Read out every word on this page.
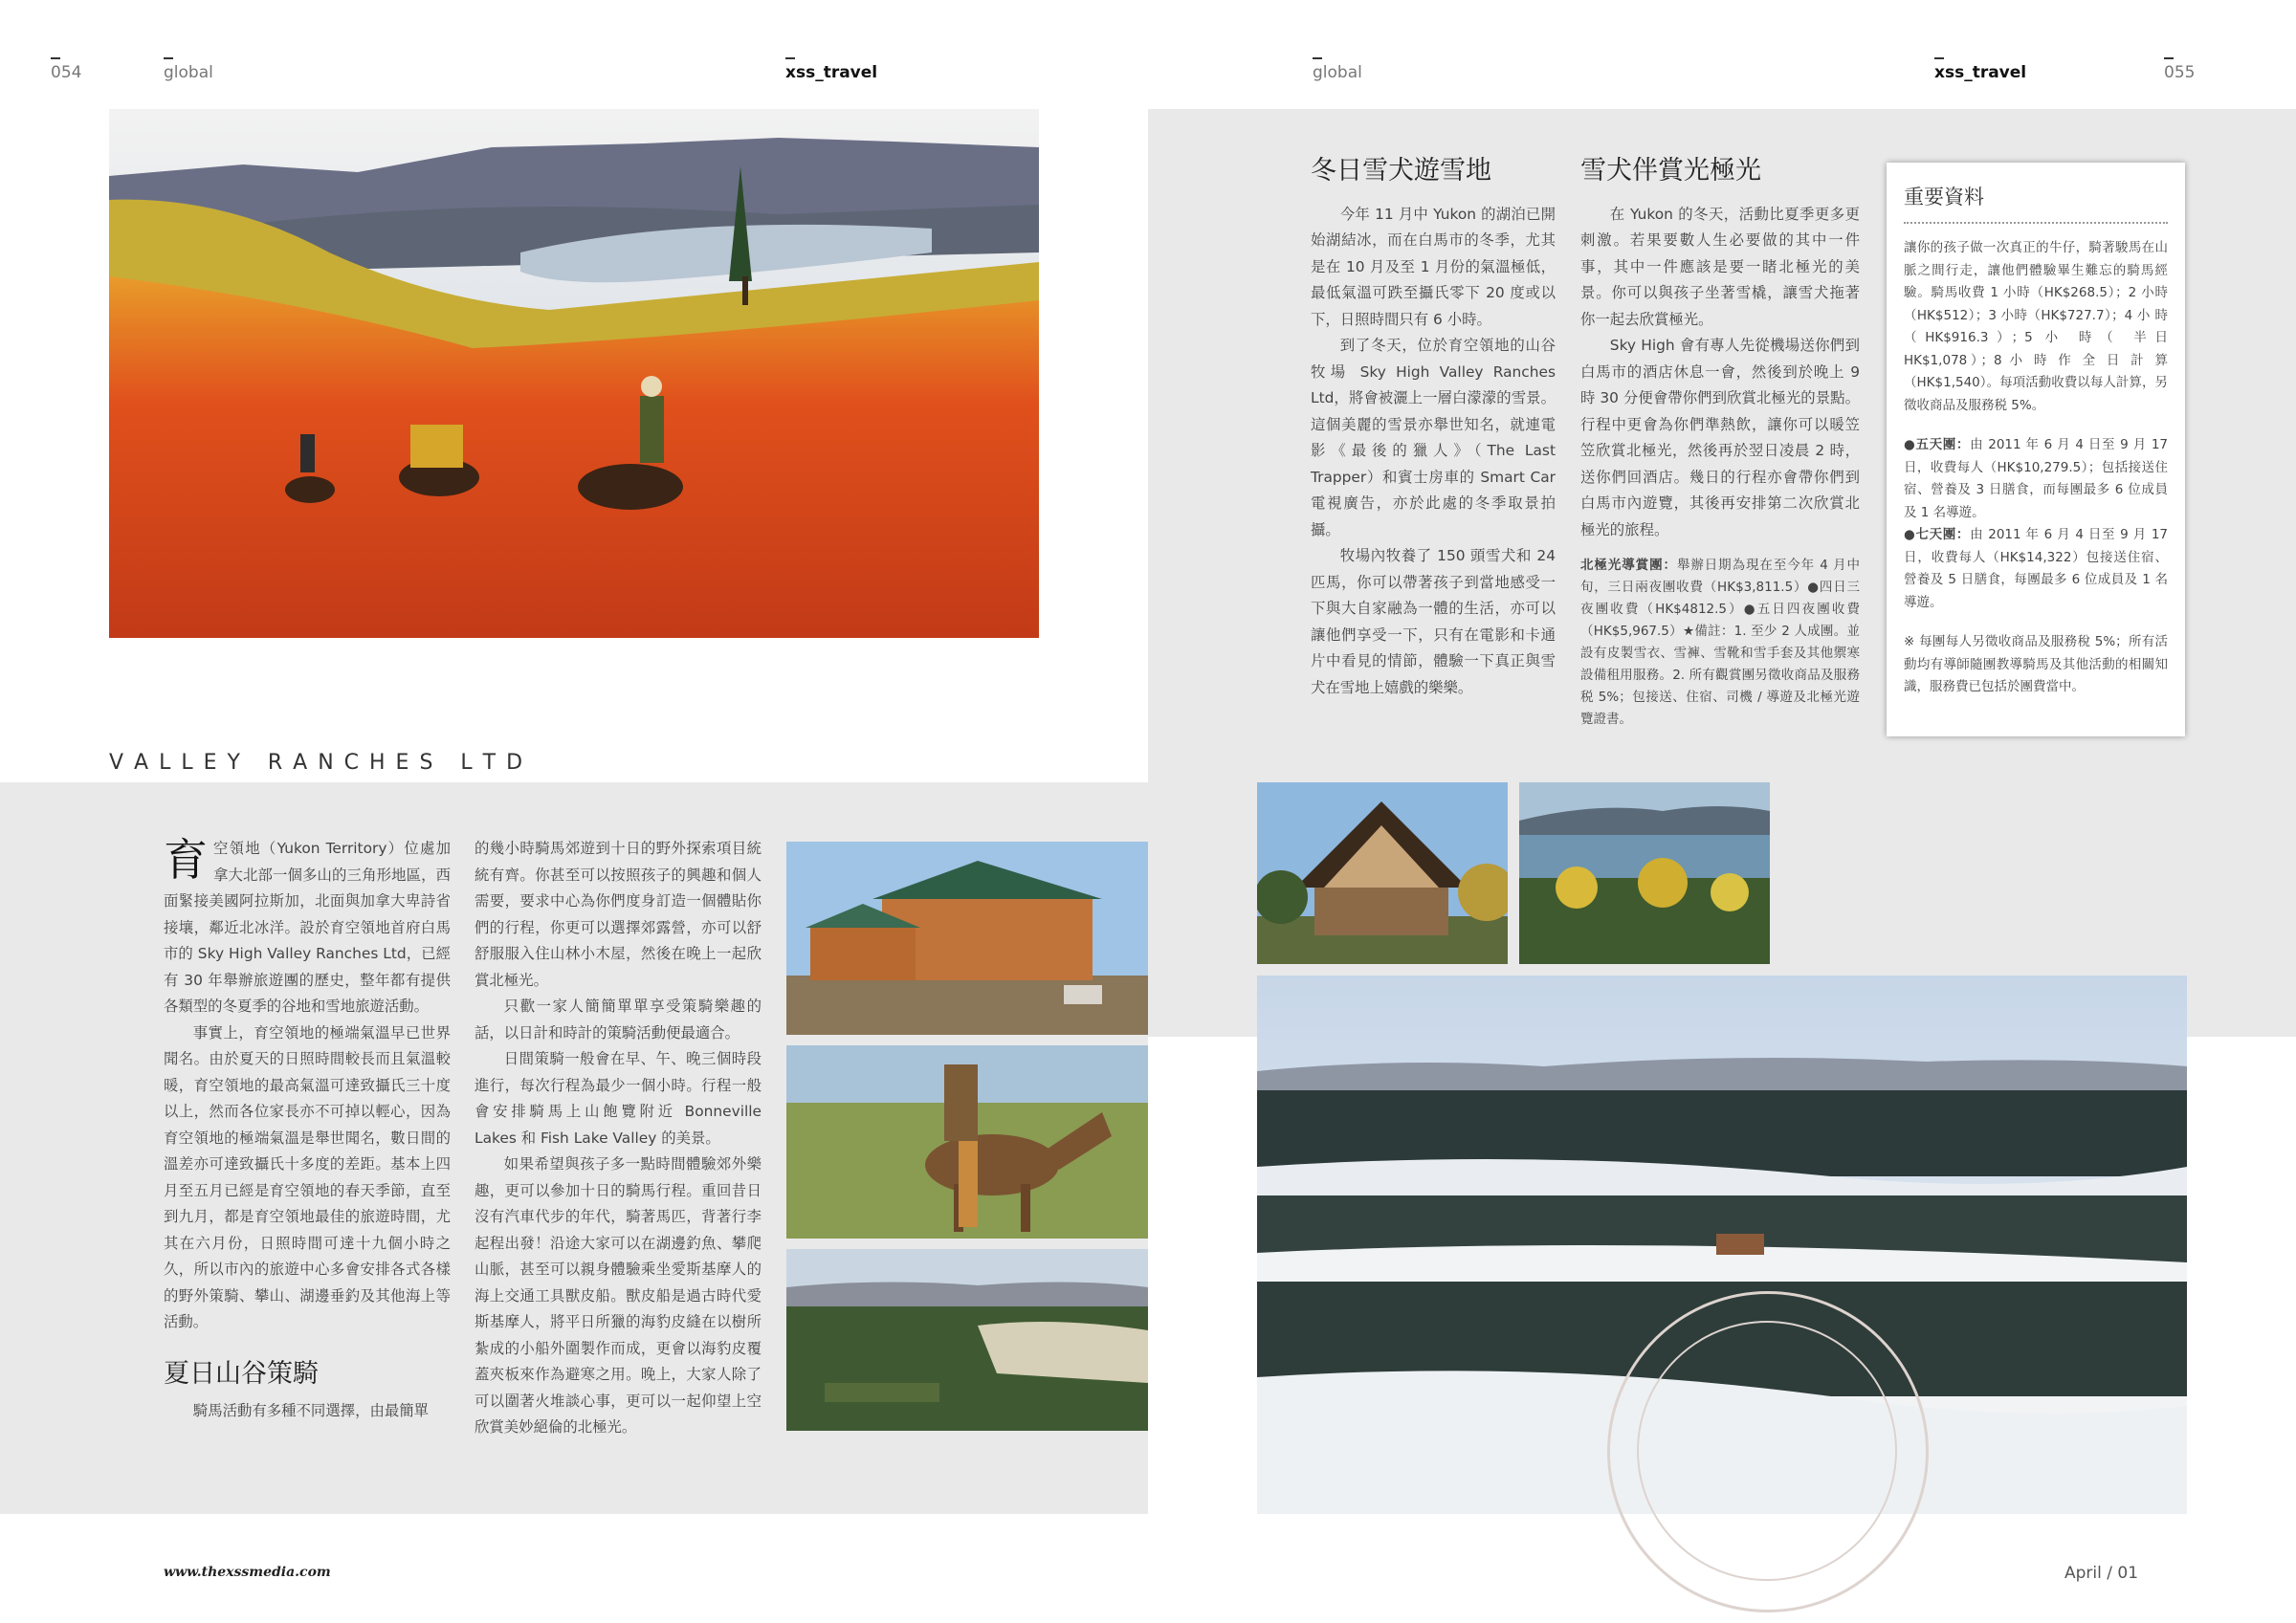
054	global	xss_travel
V A L L E Y   R A N C H E S   L T D

育空領地（Yukon Territory）位處加拿大北部一個多山的三角形地區，西面緊接美國阿拉斯加，北面與加拿大卑詩省接壤，鄰近北冰洋。設於育空領地首府白馬市的 Sky High Valley Ranches Ltd，已經有 30 年舉辦旅遊團的歷史，整年都有提供各類型的冬夏季的谷地和雪地旅遊活動。

事實上，育空領地的極端氣溫早已世界聞名。由於夏天的日照時間較長而且氣溫較暖，育空領地的最高氣溫可達致攝氏三十度以上，然而各位家長亦不可掉以輕心，因為育空領地的極端氣溫是舉世聞名，數日間的溫差亦可達致攝氏十多度的差距。基本上四月至五月已經是育空領地的春天季節，直至到九月，都是育空領地最佳的旅遊時間，尤其在六月份，日照時間可達十九個小時之久，所以市內的旅遊中心多會安排各式各樣的野外策騎、攀山、湖邊垂釣及其他海上等活動。

夏日山谷策騎

騎馬活動有多種不同選擇，由最簡單

的幾小時騎馬郊遊到十日的野外探索項目統統有齊。你甚至可以按照孩子的興趣和個人需要，要求中心為你們度身訂造一個體貼你們的行程，你更可以選擇郊露營，亦可以舒舒服服入住山林小木屋，然後在晚上一起欣賞北極光。

只歡一家人簡簡單單享受策騎樂趣的話，以日計和時計的策騎活動便最適合。

日間策騎一般會在早、午、晚三個時段進行，每次行程為最少一個小時。行程一般會安排騎馬上山飽覽附近 Bonneville Lakes 和 Fish Lake Valley 的美景。

如果希望與孩子多一點時間體驗郊外樂趣，更可以參加十日的騎馬行程。重回昔日沒有汽車代步的年代，騎著馬匹，背著行李起程出發！沿途大家可以在湖邊釣魚、攀爬山脈，甚至可以親身體驗乘坐愛斯基摩人的海上交通工具獸皮船。獸皮船是過古時代愛斯基摩人，將平日所獵的海豹皮縫在以樹所紮成的小船外圍製作而成，更會以海豹皮覆蓋夾板來作為避寒之用。晚上，大家人除了可以圍著火堆談心事，更可以一起仰望上空欣賞美妙絕倫的北極光。

www.thexssmedia.com
global	xss_travel	055
冬日雪犬遊雪地

今年 11 月中 Yukon 的湖泊已開始湖結冰，而在白馬市的冬季，尤其是在 10 月及至 1 月份的氣溫極低，最低氣溫可跌至攝氏零下 20 度或以下，日照時間只有 6 小時。

到了冬天，位於育空領地的山谷牧場 Sky High Valley Ranches Ltd，將會被灑上一層白濛濛的雪景。這個美麗的雪景亦舉世知名，就連電影《最後的獵人》（The Last Trapper）和賓士房車的 Smart Car 電視廣告，亦於此處的冬季取景拍攝。

牧場內牧養了 150 頭雪犬和 24 匹馬，你可以帶著孩子到當地感受一下與大自家融為一體的生活，亦可以讓他們享受一下，只有在電影和卡通片中看見的情節，體驗一下真正與雪犬在雪地上嬉戲的樂樂。

雪犬伴賞光極光

在 Yukon 的冬天，活動比夏季更多更刺激。若果要數人生必要做的其中一件事，其中一件應該是要一睹北極光的美景。你可以與孩子坐著雪橇，讓雪犬拖著你一起去欣賞極光。

Sky High 會有專人先從機場送你們到白馬市的酒店休息一會，然後到於晚上 9 時 30 分便會帶你們到欣賞北極光的景點。行程中更會為你們準熱飲，讓你可以暖笠笠欣賞北極光，然後再於翌日凌晨 2 時，送你們回酒店。幾日的行程亦會帶你們到白馬市內遊覽，其後再安排第二次欣賞北極光的旅程。

北極光導賞團：舉辦日期為現在至今年 4 月中旬，三日兩夜團收費（HK$3,811.5）●四日三夜團收費（HK$4812.5）●五日四夜團收費（HK$5,967.5）★備註：1. 至少 2 人成團。並設有皮製雪衣、雪褲、雪靴和雪手套及其他禦寒設備租用服務。2. 所有觀賞團另徵收商品及服務税 5%；包接送、住宿、司機 / 導遊及北極光遊覽證書。
重要資料

讓你的孩子做一次真正的牛仔，騎著駿馬在山脈之間行走，讓他們體驗畢生難忘的騎馬經驗。騎馬收費 1 小時（HK$268.5）；2 小時（HK$512）；3 小時（HK$727.7）；4 小 時（HK$916.3）；5 小 時（ 半日 HK$1,078）；8 小 時 作 全 日 計 算（HK$1,540）。每項活動收費以每人計算，另徵收商品及服務税 5%。

●五天團：由 2011 年 6 月 4 日至 9 月 17 日，收費每人（HK$10,279.5）；包括接送住宿、營養及 3 日膳食，而每團最多 6 位成員及 1 名導遊。

●七天團：由 2011 年 6 月 4 日至 9 月 17 日，收費每人（HK$14,322）包接送住宿、營養及 5 日膳食，每團最多 6 位成員及 1 名導遊。

※ 每團每人另徵收商品及服務稅 5%；所有活動均有導師隨團教導騎馬及其他活動的相關知識，服務費已包括於團費當中。

April / 01
